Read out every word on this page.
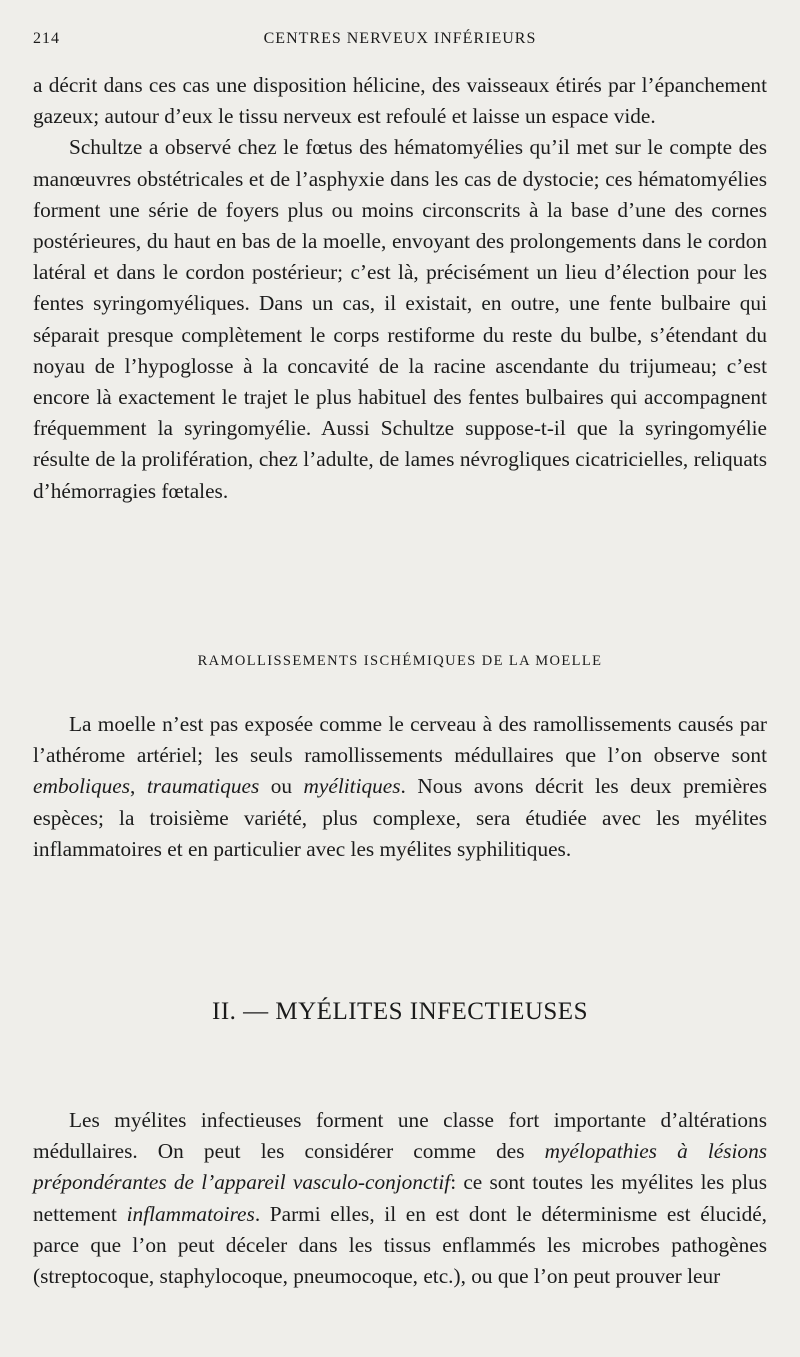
214	CENTRES NERVEUX INFÉRIEURS

a décrit dans ces cas une disposition hélicine, des vaisseaux étirés par l’épanchement gazeux; autour d’eux le tissu nerveux est refoulé et laisse un espace vide.

Schultze a observé chez le fœtus des hématomyélies qu’il met sur le compte des manœuvres obstétricales et de l’asphyxie dans les cas de dystocie; ces hématomyélies forment une série de foyers plus ou moins circonscrits à la base d’une des cornes postérieures, du haut en bas de la moelle, envoyant des prolongements dans le cordon latéral et dans le cordon postérieur; c’est là, précisément un lieu d’élection pour les fentes syringomyéliques. Dans un cas, il existait, en outre, une fente bulbaire qui séparait presque complètement le corps restiforme du reste du bulbe, s’étendant du noyau de l’hypoglosse à la concavité de la racine ascendante du trijumeau; c’est encore là exactement le trajet le plus habituel des fentes bulbaires qui accompagnent fréquemment la syringomyélie. Aussi Schultze suppose-t-il que la syringomyélie résulte de la prolifération, chez l’adulte, de lames névrogliques cicatricielles, reliquats d’hémorragies fœtales.

RAMOLLISSEMENTS ISCHÉMIQUES DE LA MOELLE

La moelle n’est pas exposée comme le cerveau à des ramollissements causés par l’athérome artériel; les seuls ramollissements médullaires que l’on observe sont emboliques, traumatiques ou myélitiques. Nous avons décrit les deux premières espèces; la troisième variété, plus complexe, sera étudiée avec les myélites inflammatoires et en particulier avec les myélites syphilitiques.

II. — MYÉLITES INFECTIEUSES

Les myélites infectieuses forment une classe fort importante d’altérations médullaires. On peut les considérer comme des myélopathies à lésions prépondérantes de l’appareil vasculo-conjonctif: ce sont toutes les myélites les plus nettement inflammatoires. Parmi elles, il en est dont le déterminisme est élucidé, parce que l’on peut déceler dans les tissus enflammés les microbes pathogènes (streptocoque, staphylocoque, pneumocoque, etc.), ou que l’on peut prouver leur
